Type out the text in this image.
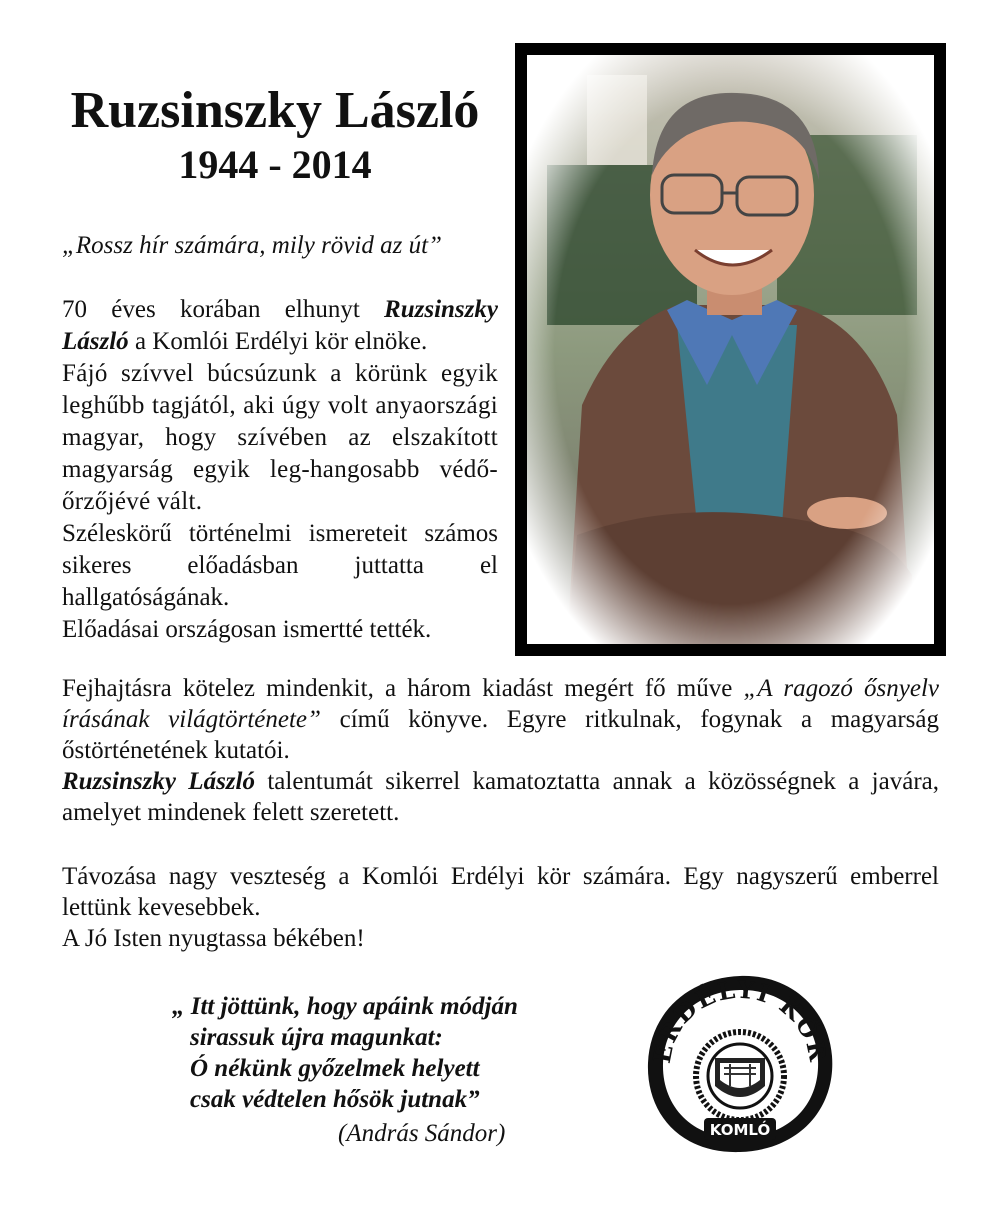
Ruzsinszky László
1944 - 2014
„Rossz hír számára, mily rövid az út”

70 éves korában elhunyt Ruzsinszky László a Komlói Erdélyi kör elnöke.

Fájó szívvel búcsúzunk a körünk egyik leghűbb tagjától, aki úgy volt anyaországi magyar, hogy szívében az elszakított magyarság egyik leg-hangosabb védő-őrzőjévé vált.

Széleskörű történelmi ismereteit számos sikeres előadásban juttatta el hallgatóságának.

Előadásai országosan ismertté tették.

Fejhajtásra kötelez mindenkit, a három kiadást megért fő műve „A ragozó ősnyelv írásának világtörténete” című könyve. Egyre ritkulnak, fogynak a magyarság őstörténetének kutatói.

Ruzsinszky László talentumát sikerrel kamatoztatta annak a közösségnek a javára, amelyet mindenek felett szeretett.

Távozása nagy veszteség a Komlói Erdélyi kör számára. Egy nagyszerű emberrel lettünk kevesebbek.

A Jó Isten nyugtassa békében!

„ Itt jöttünk, hogy apáink módján
sirassuk újra magunkat:
Ó nékünk győzelmek helyett
csak védtelen hősök jutnak”
(András Sándor)
ERDÉLYI KÖR
KOMLÓ
